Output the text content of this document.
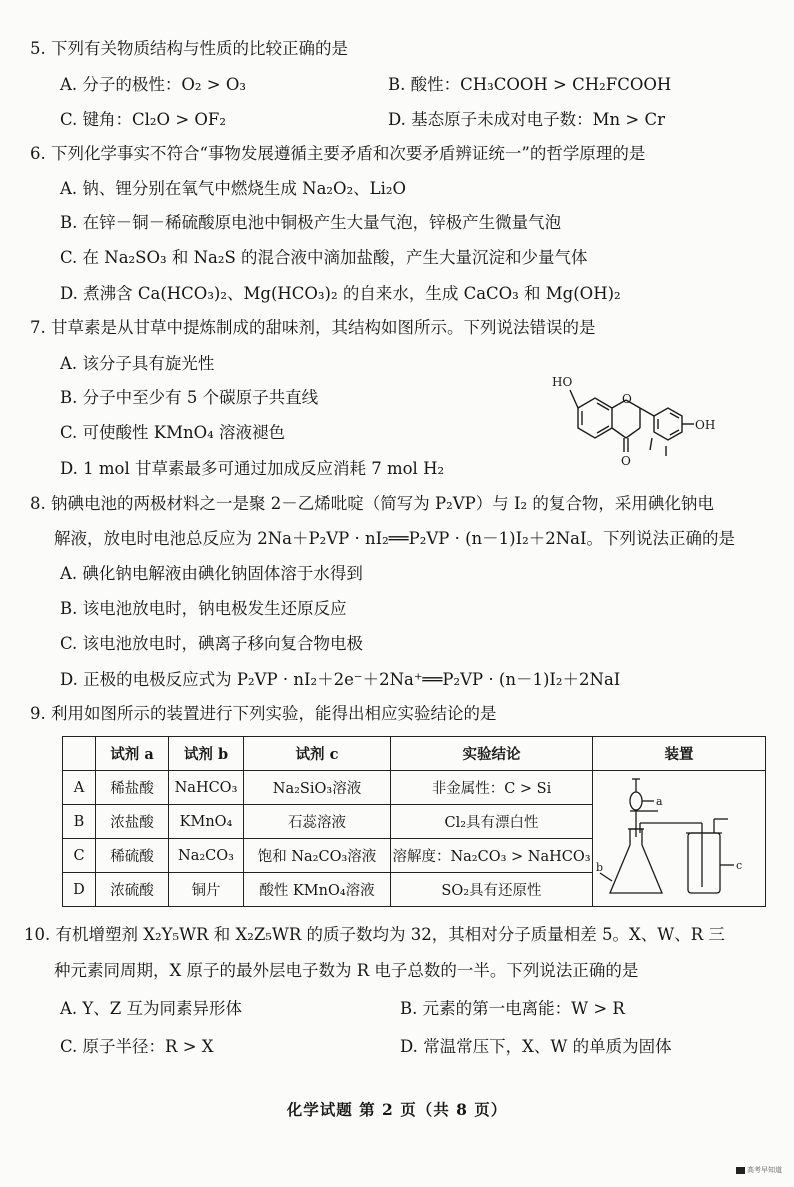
5. 下列有关物质结构与性质的比较正确的是
A. 分子的极性：O₂ > O₃	B. 酸性：CH₃COOH > CH₂FCOOH
C. 键角：Cl₂O > OF₂	D. 基态原子未成对电子数：Mn > Cr
6. 下列化学事实不符合“事物发展遵循主要矛盾和次要矛盾辨证统一”的哲学原理的是
A. 钠、锂分别在氧气中燃烧生成 Na₂O₂、Li₂O
B. 在锌－铜－稀硫酸原电池中铜极产生大量气泡，锌极产生微量气泡
C. 在 Na₂SO₃ 和 Na₂S 的混合液中滴加盐酸，产生大量沉淀和少量气体
D. 煮沸含 Ca(HCO₃)₂、Mg(HCO₃)₂ 的自来水，生成 CaCO₃ 和 Mg(OH)₂
7. 甘草素是从甘草中提炼制成的甜味剂，其结构如图所示。下列说法错误的是
A. 该分子具有旋光性
B. 分子中至少有 5 个碳原子共直线
C. 可使酸性 KMnO₄ 溶液褪色
D. 1 mol 甘草素最多可通过加成反应消耗 7 mol H₂
HO
OH
O
O
8. 钠碘电池的两极材料之一是聚 2－乙烯吡啶（简写为 P₂VP）与 I₂ 的复合物，采用碘化钠电
解液，放电时电池总反应为 2Na＋P₂VP · nI₂══P₂VP · (n－1)I₂＋2NaI。下列说法正确的是
A. 碘化钠电解液由碘化钠固体溶于水得到
B. 该电池放电时，钠电极发生还原反应
C. 该电池放电时，碘离子移向复合物电极
D. 正极的电极反应式为 P₂VP · nI₂＋2e⁻＋2Na⁺══P₂VP · (n－1)I₂＋2NaI
9. 利用如图所示的装置进行下列实验，能得出相应实验结论的是
	试剂 a	试剂 b	试剂 c	实验结论	装置
A	稀盐酸	NaHCO₃	Na₂SiO₃溶液	非金属性：C > Si	
B	浓盐酸	KMnO₄	石蕊溶液	Cl₂具有漂白性	
C	稀硫酸	Na₂CO₃	饱和 Na₂CO₃溶液	溶解度：Na₂CO₃ > NaHCO₃	
D	浓硫酸	铜片	酸性 KMnO₄溶液	SO₂具有还原性	
a
b	c
10. 有机增塑剂 X₂Y₅WR 和 X₂Z₅WR 的质子数均为 32，其相对分子质量相差 5。X、W、R 三
种元素同周期，X 原子的最外层电子数为 R 电子总数的一半。下列说法正确的是
A. Y、Z 互为同素异形体	B. 元素的第一电离能：W > R
C. 原子半径：R > X	D. 常温常压下，X、W 的单质为固体
化学试题 第 2 页（共 8 页）
高考早知道
